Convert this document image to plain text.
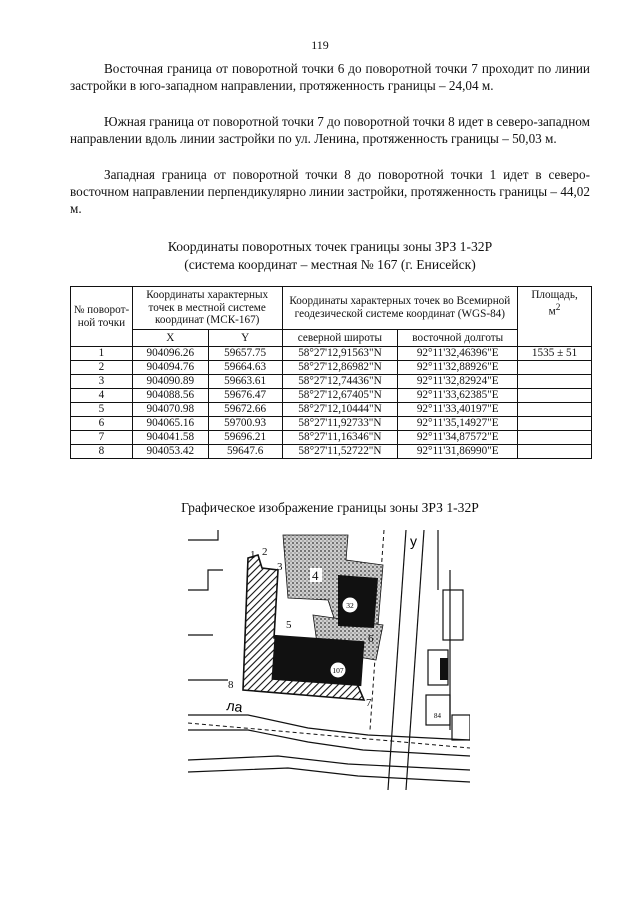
119

Восточная граница от поворотной точки 6 до поворотной точки 7 проходит по линии застройки в юго-западном направлении, протяженность границы – 24,04 м.

Южная граница от поворотной точки 7 до поворотной точки 8 идет в северо-западном направлении вдоль линии застройки по ул. Ленина, протяженность границы – 50,03 м.

Западная граница от поворотной точки 8 до поворотной точки 1 идет в северо-восточном направлении перпендикулярно линии застройки, протяженность границы – 44,02 м.

Координаты поворотных точек границы зоны ЗРЗ 1-32Р
(система координат – местная № 167 (г. Енисейск)
№ поворот-ной точки	Координаты характерных точек в местной системе координат (МСК-167)		Координаты характерных точек во Всемирной геодезической системе координат (WGS-84)		Площадь,
$м^2$
	X	Y	северной широты	восточной долготы	
1	904096.26	59657.75	58°27'12,91563"N	92°11'32,46396"E	1535 ± 51
2	904094.76	59664.63	58°27'12,86982"N	92°11'32,88926"E	
3	904090.89	59663.61	58°27'12,74436"N	92°11'32,82924"E	
4	904088.56	59676.47	58°27'12,67405"N	92°11'33,62385"E	
5	904070.98	59672.66	58°27'12,10444"N	92°11'33,40197"E	
6	904065.16	59700.93	58°27'11,92733"N	92°11'35,14927"E	
7	904041.58	59696.21	58°27'11,16346"N	92°11'34,87572"E	
8	904053.42	59647.6	58°27'11,52722"N	92°11'31,86990"E	
Графическое изображение границы зоны ЗРЗ 1-32Р
32
107
84
1 2
3
4
5
6
7
8
ла
у
